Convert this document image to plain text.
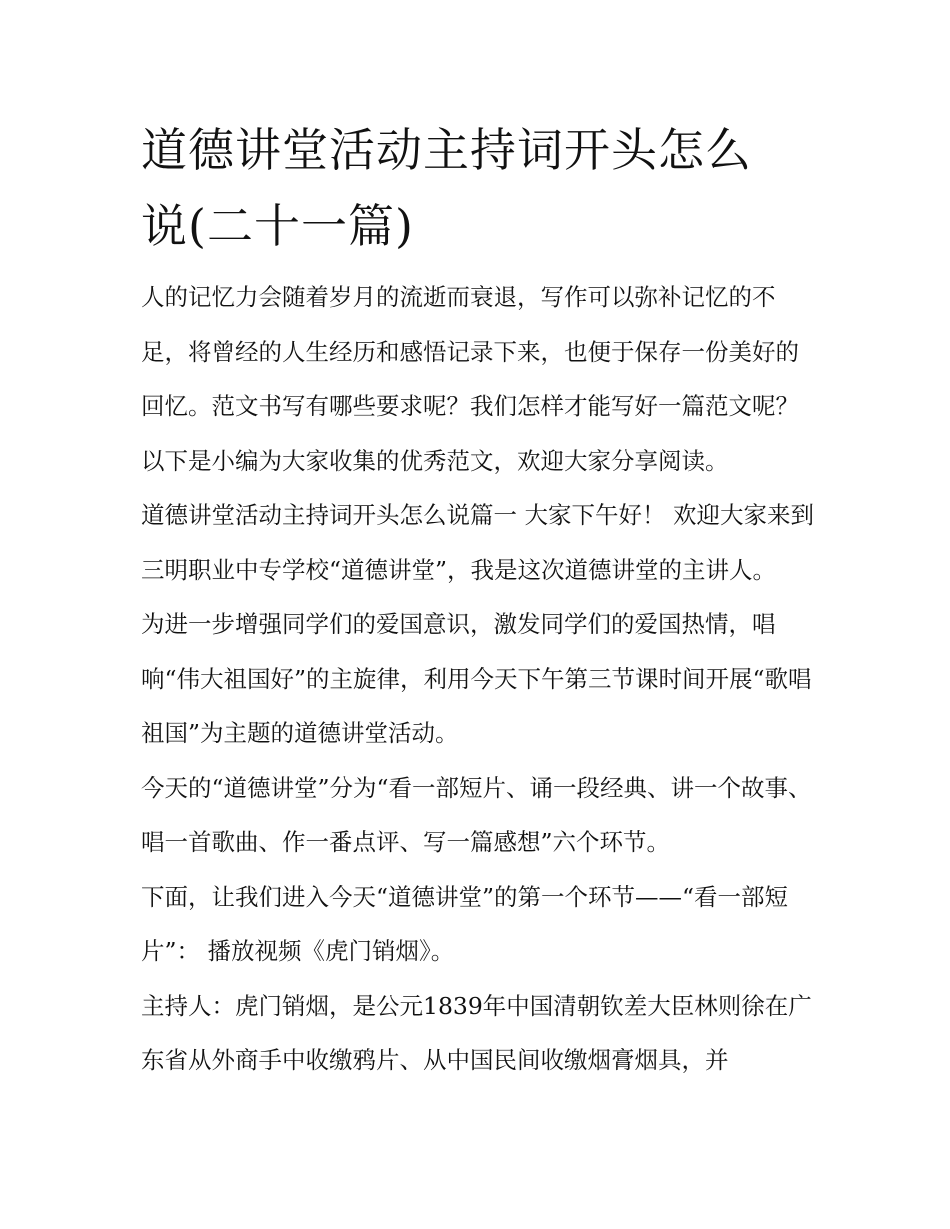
道德讲堂活动主持词开头怎么
说(二十一篇)

人的记忆力会随着岁月的流逝而衰退，写作可以弥补记忆的不足，将曾经的人生经历和感悟记录下来，也便于保存一份美好的回忆。范文书写有哪些要求呢？我们怎样才能写好一篇范文呢？以下是小编为大家收集的优秀范文，欢迎大家分享阅读。

道德讲堂活动主持词开头怎么说篇一 大家下午好！ 欢迎大家来到三明职业中专学校“道德讲堂”，我是这次道德讲堂的主讲人。

为进一步增强同学们的爱国意识，激发同学们的爱国热情，唱响“伟大祖国好”的主旋律，利用今天下午第三节课时间开展“歌唱祖国”为主题的道德讲堂活动。

今天的“道德讲堂”分为“看一部短片、诵一段经典、讲一个故事、唱一首歌曲、作一番点评、写一篇感想”六个环节。

下面，让我们进入今天“道德讲堂”的第一个环节——“看一部短片”： 播放视频《虎门销烟》。

主持人：虎门销烟，是公元1839年中国清朝钦差大臣林则徐在广东省从外商手中收缴鸦片、从中国民间收缴烟膏烟具，并
